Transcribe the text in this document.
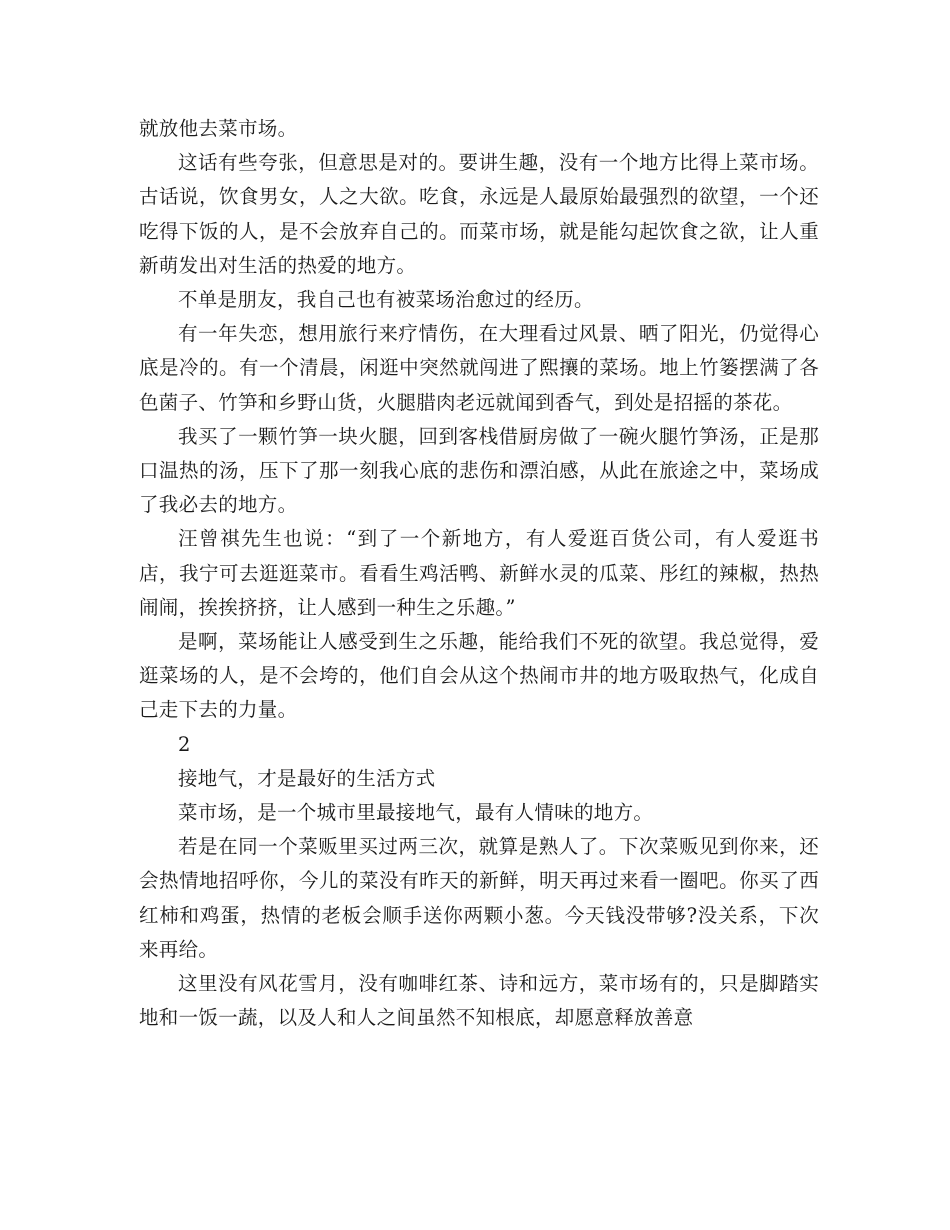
就放他去菜市场。

这话有些夸张，但意思是对的。要讲生趣，没有一个地方比得上菜市场。古话说，饮食男女，人之大欲。吃食，永远是人最原始最强烈的欲望，一个还吃得下饭的人，是不会放弃自己的。而菜市场，就是能勾起饮食之欲，让人重新萌发出对生活的热爱的地方。

不单是朋友，我自己也有被菜场治愈过的经历。

有一年失恋，想用旅行来疗情伤，在大理看过风景、晒了阳光，仍觉得心底是冷的。有一个清晨，闲逛中突然就闯进了熙攘的菜场。地上竹篓摆满了各色菌子、竹笋和乡野山货，火腿腊肉老远就闻到香气，到处是招摇的茶花。

我买了一颗竹笋一块火腿，回到客栈借厨房做了一碗火腿竹笋汤，正是那口温热的汤，压下了那一刻我心底的悲伤和漂泊感，从此在旅途之中，菜场成了我必去的地方。

汪曾祺先生也说：“到了一个新地方，有人爱逛百货公司，有人爱逛书店，我宁可去逛逛菜市。看看生鸡活鸭、新鲜水灵的瓜菜、彤红的辣椒，热热闹闹，挨挨挤挤，让人感到一种生之乐趣。”

是啊，菜场能让人感受到生之乐趣，能给我们不死的欲望。我总觉得，爱逛菜场的人，是不会垮的，他们自会从这个热闹市井的地方吸取热气，化成自己走下去的力量。

2

接地气，才是最好的生活方式

菜市场，是一个城市里最接地气，最有人情味的地方。

若是在同一个菜贩里买过两三次，就算是熟人了。下次菜贩见到你来，还会热情地招呼你，今儿的菜没有昨天的新鲜，明天再过来看一圈吧。你买了西红柿和鸡蛋，热情的老板会顺手送你两颗小葱。今天钱没带够?没关系，下次来再给。

这里没有风花雪月，没有咖啡红茶、诗和远方，菜市场有的，只是脚踏实地和一饭一蔬，以及人和人之间虽然不知根底，却愿意释放善意
